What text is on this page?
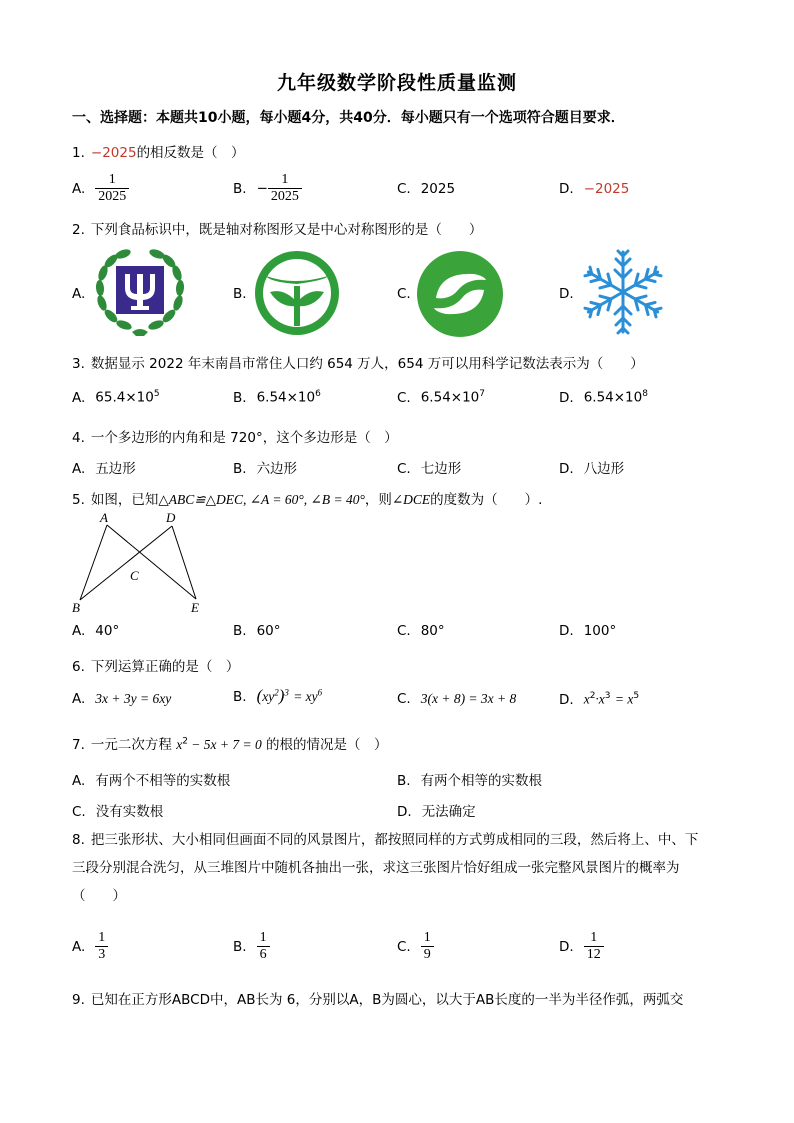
九年级数学阶段性质量监测
一、选择题：本题共10小题，每小题4分，共40分．每小题只有一个选项符合题目要求．
1. −2025的相反数是（　）
A. $\frac{1}{2025}$	B. − $\frac{1}{2025}$	C. 2025	D. −2025
2. 下列食品标识中，既是轴对称图形又是中心对称图形的是（　　）
A.	B.	C.	D.
3. 数据显示 2022 年末南昌市常住人口约 654 万人，654 万可以用科学记数法表示为（　　）
A. $65.4\times 10^5$	B. $6.54\times 10^6$	C. $6.54\times 10^7$	D. $6.54\times 10^8$
4. 一个多边形的内角和是 720°，这个多边形是（　）
A. 五边形	B. 六边形	C. 七边形	D. 八边形
5. 如图，已知△ABC≌△DEC, ∠A = 60°, ∠B = 40°，则∠DCE的度数为（　　）.
A	D
C
B	E
A. 40°	B. 60°	C. 80°	D. 100°
6. 下列运算正确的是（　）
A. 3x + 3y = 6xy	B. $(xy^2)^3 = xy^6$	C. 3(x + 8) = 3x + 8	D. $x^2\cdot x^3 = x^5$
7. 一元二次方程 $x^2 - 5x + 7 = 0$ 的根的情况是（　）
A. 有两个不相等的实数根	B. 有两个相等的实数根
C. 没有实数根	D. 无法确定
8. 把三张形状、大小相同但画面不同的风景图片，都按照同样的方式剪成相同的三段，然后将上、中、下
三段分别混合洗匀，从三堆图片中随机各抽出一张，求这三张图片恰好组成一张完整风景图片的概率为
（　　）
A. $\frac{1}{3}$	B. $\frac{1}{6}$	C. $\frac{1}{9}$	D. $\frac{1}{12}$
9. 已知在正方形ABCD中，AB长为 6，分别以A，B为圆心，以大于AB长度的一半为半径作弧，两弧交
